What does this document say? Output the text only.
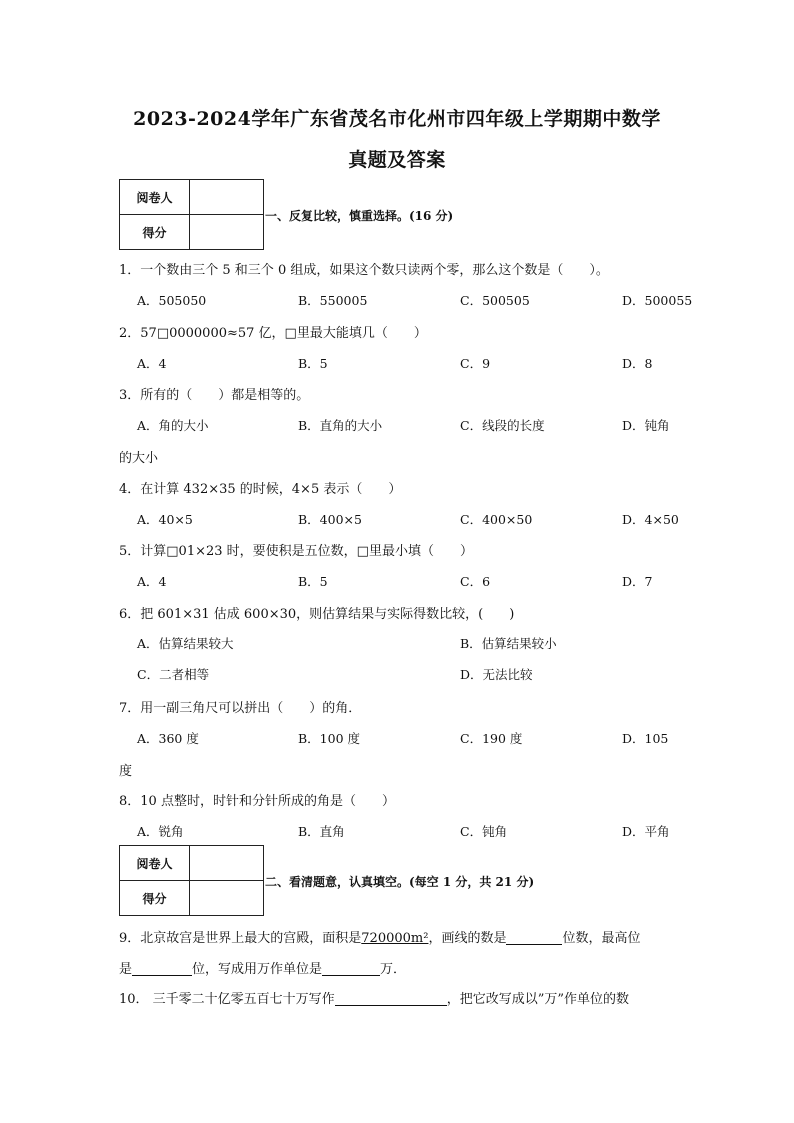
2023-2024学年广东省茂名市化州市四年级上学期期中数学
真题及答案
阅卷人
得分
一、反复比较，慎重选择。(16 分)
1．一个数由三个 5 和三个 0 组成，如果这个数只读两个零，那么这个数是（　　）。
A．505050	B．550005	C．500505	D．500055
2．57□0000000≈57 亿，□里最大能填几（　　）
A．4	B．5	C．9	D．8
3．所有的（　　）都是相等的。
A．角的大小	B．直角的大小	C．线段的长度	D．钝角
的大小
4．在计算 432×35 的时候，4×5 表示（　　）
A．40×5	B．400×5	C．400×50	D．4×50
5．计算□01×23 时，要使积是五位数，□里最小填（　　）
A．4	B．5	C．6	D．7
6．把 601×31 估成 600×30，则估算结果与实际得数比较，(　　)
A．估算结果较大	B．估算结果较小
C．二者相等	D．无法比较
7．用一副三角尺可以拼出（　　）的角．
A．360 度	B．100 度	C．190 度	D．105
度
8．10 点整时，时针和分针所成的角是（　　）
A．锐角	B．直角	C．钝角	D．平角
阅卷人
得分
二、看清题意，认真填空。(每空 1 分，共 21 分)
9．北京故宫是世界上最大的宫殿，面积是720000m²，画线的数是	位数，最高位
是	位，写成用万作单位是	万．
10． 三千零二十亿零五百七十万写作	，把它改写成以”万”作单位的数
